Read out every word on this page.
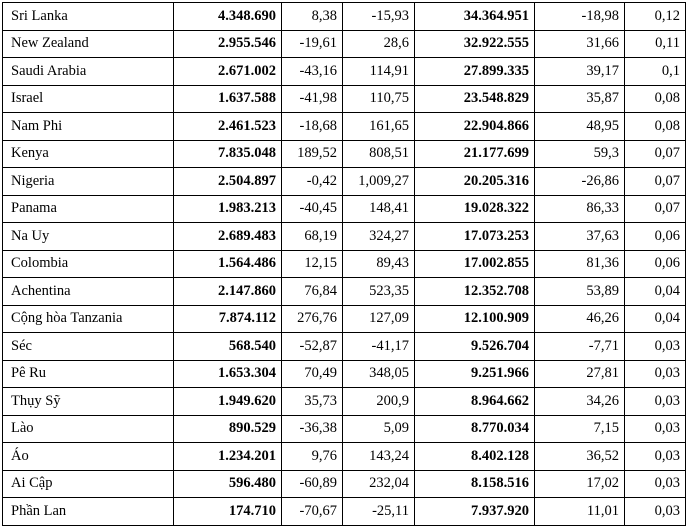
Sri Lanka	4.348.690	8,38	-15,93	34.364.951	-18,98	0,12
New Zealand	2.955.546	-19,61	28,6	32.922.555	31,66	0,11
Saudi Arabia	2.671.002	-43,16	114,91	27.899.335	39,17	0,1
Israel	1.637.588	-41,98	110,75	23.548.829	35,87	0,08
Nam Phi	2.461.523	-18,68	161,65	22.904.866	48,95	0,08
Kenya	7.835.048	189,52	808,51	21.177.699	59,3	0,07
Nigeria	2.504.897	-0,42	1,009,27	20.205.316	-26,86	0,07
Panama	1.983.213	-40,45	148,41	19.028.322	86,33	0,07
Na Uy	2.689.483	68,19	324,27	17.073.253	37,63	0,06
Colombia	1.564.486	12,15	89,43	17.002.855	81,36	0,06
Achentina	2.147.860	76,84	523,35	12.352.708	53,89	0,04
Cộng hòa Tanzania	7.874.112	276,76	127,09	12.100.909	46,26	0,04
Séc	568.540	-52,87	-41,17	9.526.704	-7,71	0,03
Pê Ru	1.653.304	70,49	348,05	9.251.966	27,81	0,03
Thụy Sỹ	1.949.620	35,73	200,9	8.964.662	34,26	0,03
Lào	890.529	-36,38	5,09	8.770.034	7,15	0,03
Áo	1.234.201	9,76	143,24	8.402.128	36,52	0,03
Ai Cập	596.480	-60,89	232,04	8.158.516	17,02	0,03
Phần Lan	174.710	-70,67	-25,11	7.937.920	11,01	0,03
